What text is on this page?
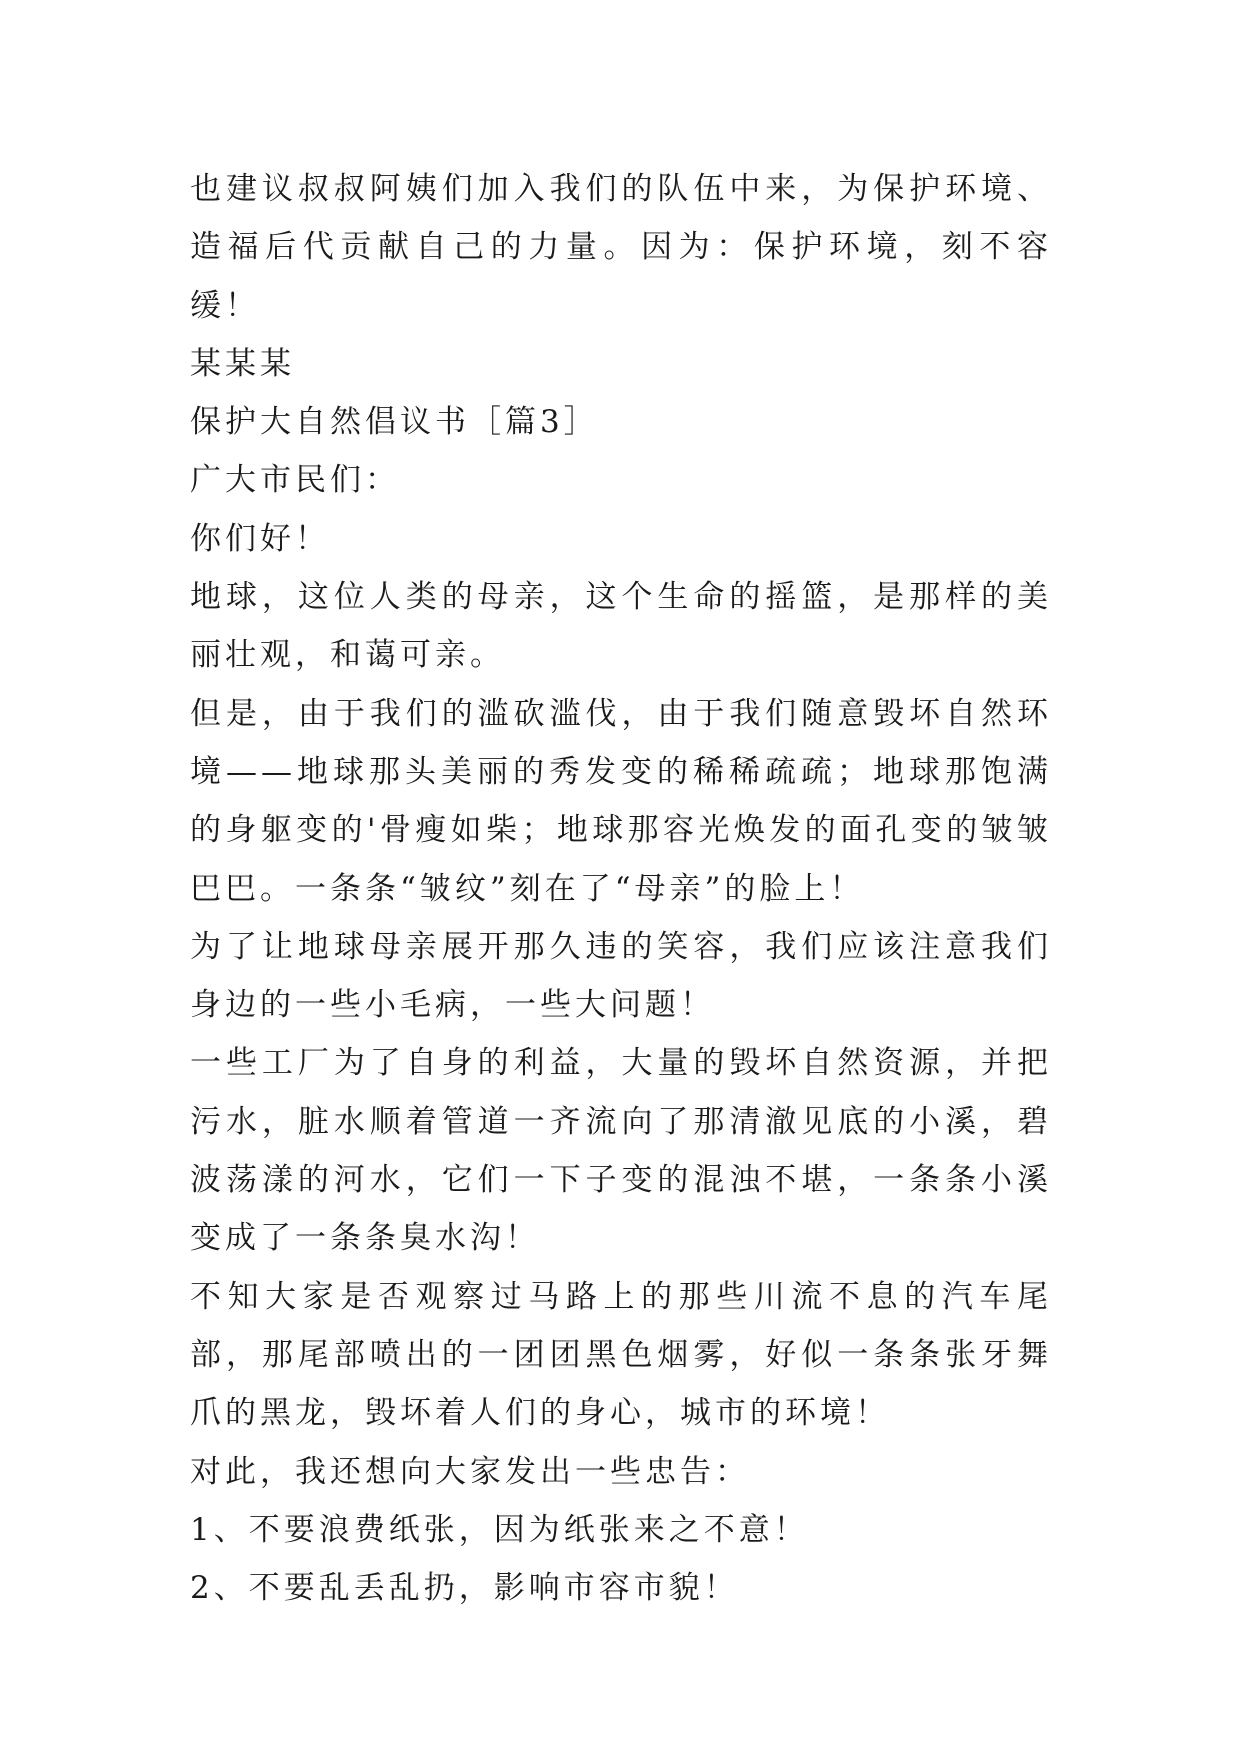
也建议叔叔阿姨们加入我们的队伍中来，为保护环境、造福后代贡献自己的力量。因为：保护环境，刻不容缓！

某某某

保护大自然倡议书［篇3］

广大市民们：

你们好！

地球，这位人类的母亲，这个生命的摇篮，是那样的美丽壮观，和蔼可亲。

但是，由于我们的滥砍滥伐，由于我们随意毁坏自然环境——地球那头美丽的秀发变的稀稀疏疏；地球那饱满的身躯变的'骨瘦如柴；地球那容光焕发的面孔变的皱皱巴巴。一条条“皱纹”刻在了“母亲”的脸上！

为了让地球母亲展开那久违的笑容，我们应该注意我们身边的一些小毛病，一些大问题！

一些工厂为了自身的利益，大量的毁坏自然资源，并把污水，脏水顺着管道一齐流向了那清澈见底的小溪，碧波荡漾的河水，它们一下子变的混浊不堪，一条条小溪变成了一条条臭水沟！

不知大家是否观察过马路上的那些川流不息的汽车尾部，那尾部喷出的一团团黑色烟雾，好似一条条张牙舞爪的黑龙，毁坏着人们的身心，城市的环境！

对此，我还想向大家发出一些忠告：

1、不要浪费纸张，因为纸张来之不意！

2、不要乱丢乱扔，影响市容市貌！
